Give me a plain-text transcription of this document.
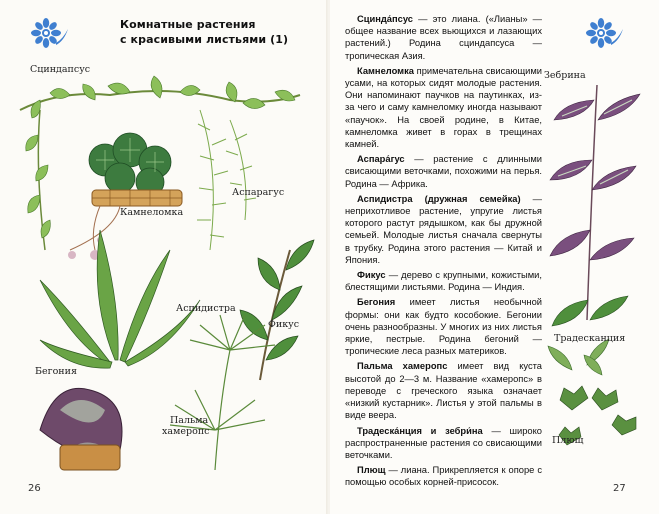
Комнатные растения
с красивыми листьями (1)
Сциндапсус
Камнеломка
Аспарагус
Аспидистра
Фикус
Бегония
Пальма
хамеропс
26
Зебрина
Традесканция
Плющ
27

Сцинда́псус — это лиана. («Лианы» — общее название всех вьющихся и лазающих растений.) Родина сциндапсуса — тропическая Азия.

Камнеломка примечательна свисающими усами, на которых сидят молодые растения. Они напоминают паучков на паутинках, из-за чего и саму камнеломку иногда называют «паучок». На своей родине, в Китае, камнеломка живет в горах в трещинах камней.

Аспара́гус — растение с длинными свисающими веточками, похожими на перья. Родина — Африка.

Аспидистра (дружная семейка) — неприхотливое растение, упругие листья которого растут рядышком, как бы дружной семьей. Молодые листья сначала свернуты в трубку. Родина этого растения — Китай и Япония.

Фикус — дерево с крупными, кожистыми, блестящими листьями. Родина — Индия.

Бегония имеет листья необычной формы: они как будто кособокие. Бегонии очень разнообразны. У многих из них листья яркие, пестрые. Родина бегоний — тропические леса разных материков.

Пальма хамеропс имеет вид куста высотой до 2—3 м. Название «хамеропс» в переводе с греческого языка означает «низкий кустарник». Листья у этой пальмы в виде веера.

Традеска́нция и зебри́на — широко распространенные растения со свисающими веточками.

Плющ — лиана. Прикрепляется к опоре с помощью особых корней-присосок.
